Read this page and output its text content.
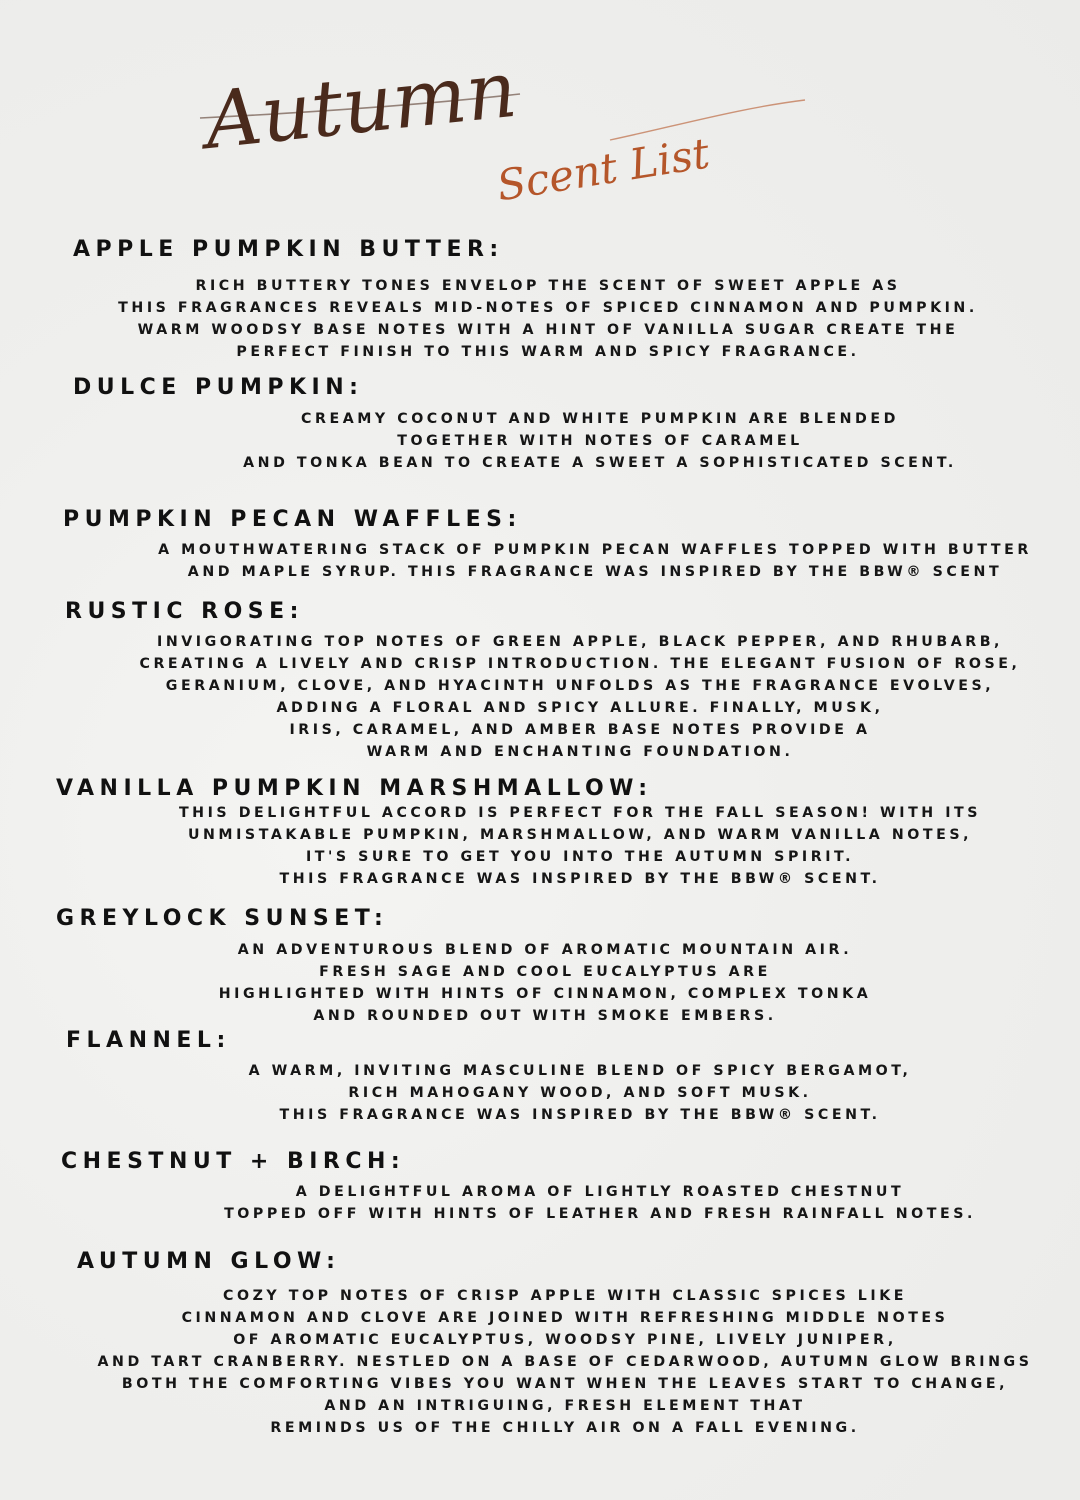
Autumn
Scent List
APPLE PUMPKIN BUTTER:
RICH BUTTERY TONES ENVELOP THE SCENT OF SWEET APPLE AS
THIS FRAGRANCES REVEALS MID-NOTES OF SPICED CINNAMON AND PUMPKIN.
WARM WOODSY BASE NOTES WITH A HINT OF VANILLA SUGAR CREATE THE
PERFECT FINISH TO THIS WARM AND SPICY FRAGRANCE.
DULCE PUMPKIN:
CREAMY COCONUT AND WHITE PUMPKIN ARE BLENDED
TOGETHER WITH NOTES OF CARAMEL
AND TONKA BEAN TO CREATE A SWEET A SOPHISTICATED SCENT.
PUMPKIN PECAN WAFFLES:
A MOUTHWATERING STACK OF PUMPKIN PECAN WAFFLES TOPPED WITH BUTTER
AND MAPLE SYRUP. THIS FRAGRANCE WAS INSPIRED BY THE BBW® SCENT
RUSTIC ROSE:
INVIGORATING TOP NOTES OF GREEN APPLE, BLACK PEPPER, AND RHUBARB,
CREATING A LIVELY AND CRISP INTRODUCTION. THE ELEGANT FUSION OF ROSE,
GERANIUM, CLOVE, AND HYACINTH UNFOLDS AS THE FRAGRANCE EVOLVES,
ADDING A FLORAL AND SPICY ALLURE. FINALLY, MUSK,
IRIS, CARAMEL, AND AMBER BASE NOTES PROVIDE A
WARM AND ENCHANTING FOUNDATION.
VANILLA PUMPKIN MARSHMALLOW:
THIS DELIGHTFUL ACCORD IS PERFECT FOR THE FALL SEASON! WITH ITS
UNMISTAKABLE PUMPKIN, MARSHMALLOW, AND WARM VANILLA NOTES,
IT'S SURE TO GET YOU INTO THE AUTUMN SPIRIT.
THIS FRAGRANCE WAS INSPIRED BY THE BBW® SCENT.
GREYLOCK SUNSET:
AN ADVENTUROUS BLEND OF AROMATIC MOUNTAIN AIR.
FRESH SAGE AND COOL EUCALYPTUS ARE
HIGHLIGHTED WITH HINTS OF CINNAMON, COMPLEX TONKA
AND ROUNDED OUT WITH SMOKE EMBERS.
FLANNEL:
A WARM, INVITING MASCULINE BLEND OF SPICY BERGAMOT,
RICH MAHOGANY WOOD, AND SOFT MUSK.
THIS FRAGRANCE WAS INSPIRED BY THE BBW® SCENT.
CHESTNUT + BIRCH:
A DELIGHTFUL AROMA OF LIGHTLY ROASTED CHESTNUT
TOPPED OFF WITH HINTS OF LEATHER AND FRESH RAINFALL NOTES.
AUTUMN GLOW:
COZY TOP NOTES OF CRISP APPLE WITH CLASSIC SPICES LIKE
CINNAMON AND CLOVE ARE JOINED WITH REFRESHING MIDDLE NOTES
OF AROMATIC EUCALYPTUS, WOODSY PINE, LIVELY JUNIPER,
AND TART CRANBERRY. NESTLED ON A BASE OF CEDARWOOD, AUTUMN GLOW BRINGS
BOTH THE COMFORTING VIBES YOU WANT WHEN THE LEAVES START TO CHANGE,
AND AN INTRIGUING, FRESH ELEMENT THAT
REMINDS US OF THE CHILLY AIR ON A FALL EVENING.
